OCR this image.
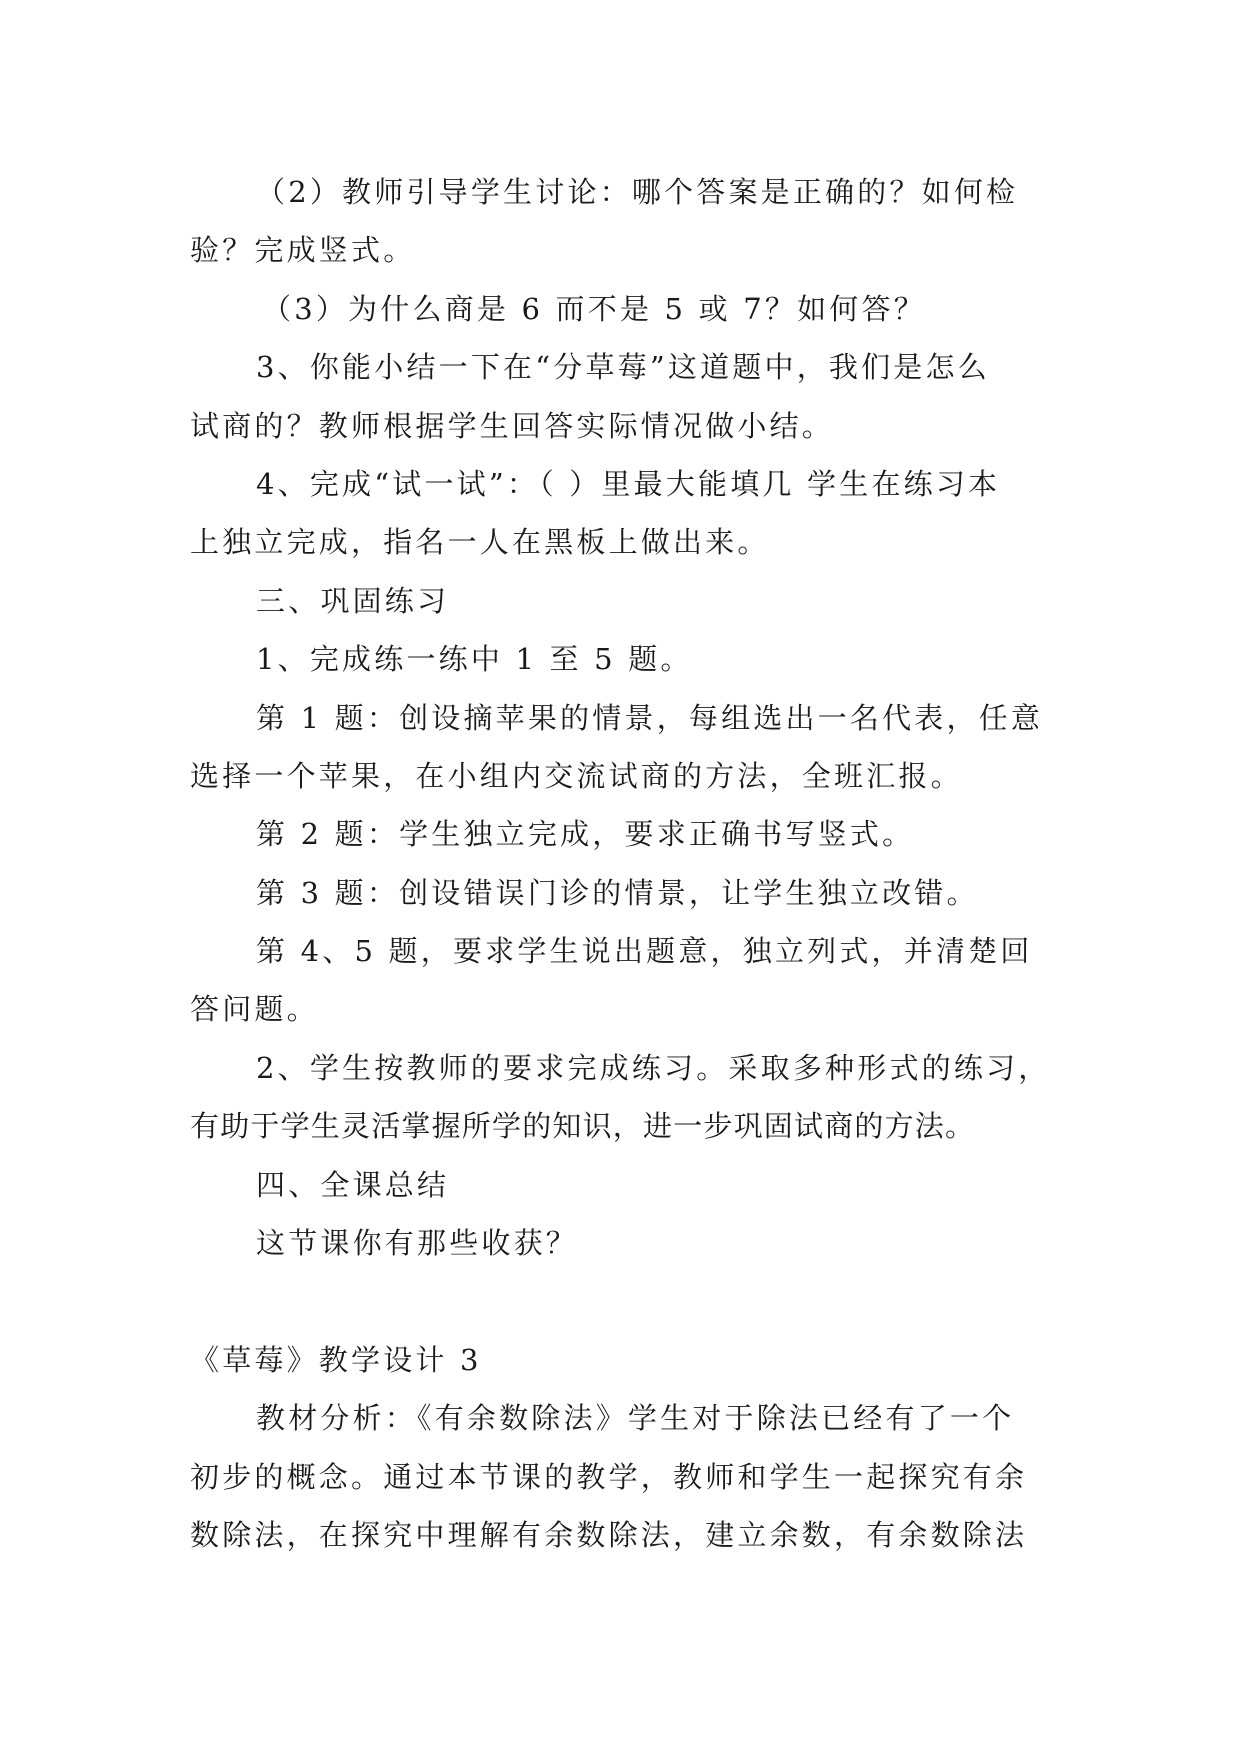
（2）教师引导学生讨论：哪个答案是正确的？如何检
验？完成竖式。
（3）为什么商是 6 而不是 5 或 7？如何答？
3、你能小结一下在“分草莓”这道题中，我们是怎么
试商的？教师根据学生回答实际情况做小结。
4、完成“试一试”：（ ）里最大能填几 学生在练习本
上独立完成，指名一人在黑板上做出来。
三、巩固练习
1、完成练一练中 1 至 5 题。
第 1 题：创设摘苹果的情景，每组选出一名代表，任意
选择一个苹果，在小组内交流试商的方法，全班汇报。
第 2 题：学生独立完成，要求正确书写竖式。
第 3 题：创设错误门诊的情景，让学生独立改错。
第 4、5 题，要求学生说出题意，独立列式，并清楚回
答问题。
2、学生按教师的要求完成练习。采取多种形式的练习，
有助于学生灵活掌握所学的知识，进一步巩固试商的方法。
四、全课总结
这节课你有那些收获？
《草莓》教学设计 3
教材分析：《有余数除法》学生对于除法已经有了一个
初步的概念。通过本节课的教学，教师和学生一起探究有余
数除法，在探究中理解有余数除法，建立余数，有余数除法
